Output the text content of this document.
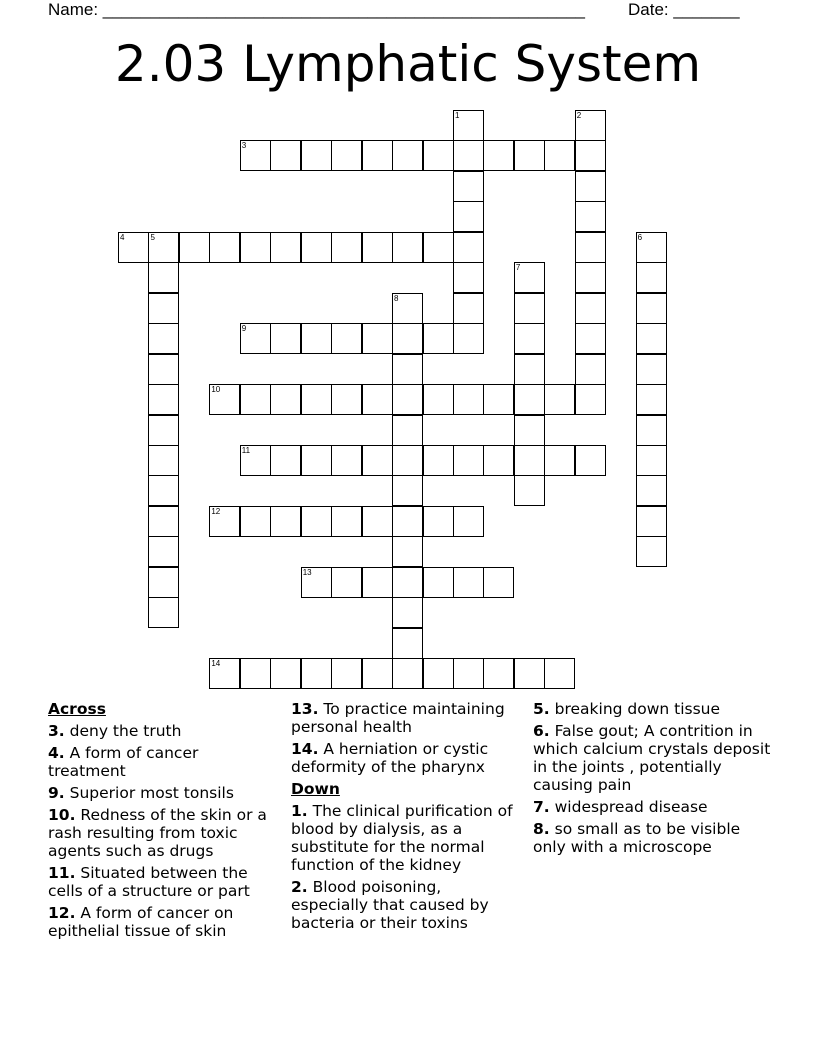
Name: ___________________________________________________	Date: _______
2.03 Lymphatic System
1	2
3
4	5	6
7
8
9
10
11
12
13
14
Across
3. deny the truth
4. A form of cancer treatment
9. Superior most tonsils
10. Redness of the skin or a rash resulting from toxic agents such as drugs
11. Situated between the cells of a structure or part
12. A form of cancer on epithelial tissue of skin
13. To practice maintaining personal health
14. A herniation or cystic deformity of the pharynx
Down
1. The clinical purification of blood by dialysis, as a substitute for the normal function of the kidney
2. Blood poisoning, especially that caused by bacteria or their toxins
5. breaking down tissue
6. False gout; A contrition in which calcium crystals deposit in the joints , potentially causing pain
7. widespread disease
8. so small as to be visible only with a microscope
